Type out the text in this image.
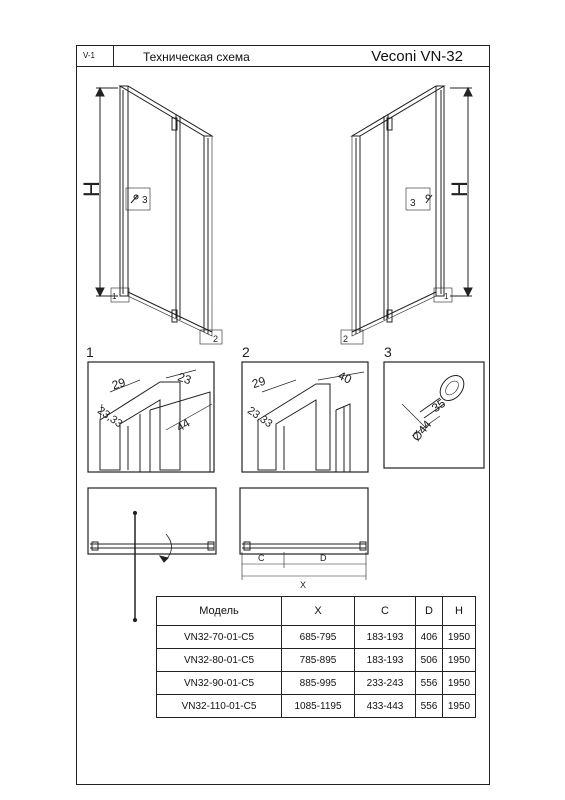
V-1	Техническая схема	Veconi VN-32
H
3
1
2
H
3
1
2
1	2	3
29	23
23,33	44
29	40
23,33	35
Ø44
C	D
X
Модель	X	C	D	H
VN32-70-01-C5	685-795	183-193	406	1950
VN32-80-01-C5	785-895	183-193	506	1950
VN32-90-01-C5	885-995	233-243	556	1950
VN32-110-01-C5	1085-1195	433-443	556	1950
